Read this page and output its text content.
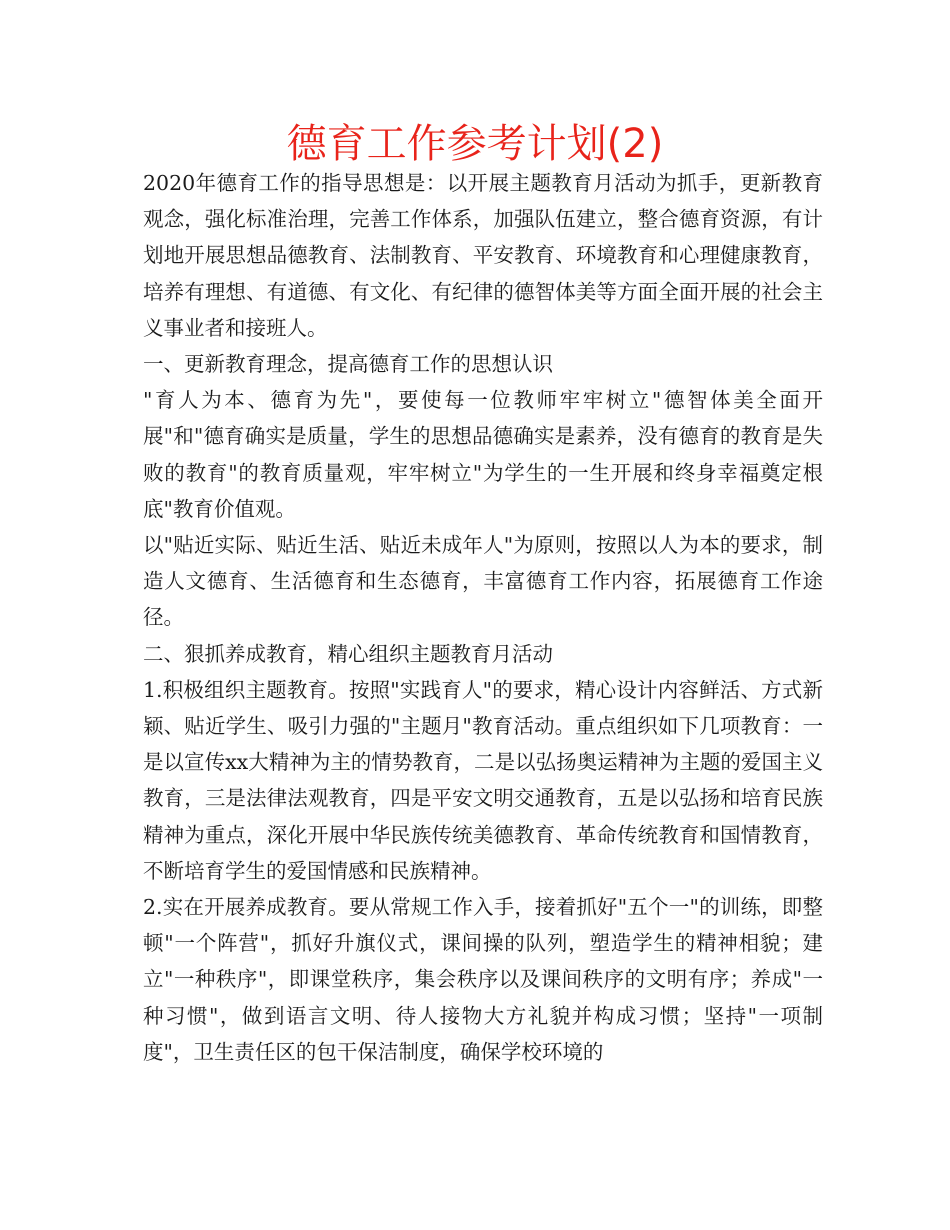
德育工作参考计划(2)

2020年德育工作的指导思想是：以开展主题教育月活动为抓手，更新教育观念，强化标准治理，完善工作体系，加强队伍建立，整合德育资源，有计划地开展思想品德教育、法制教育、平安教育、环境教育和心理健康教育，培养有理想、有道德、有文化、有纪律的德智体美等方面全面开展的社会主义事业者和接班人。

一、更新教育理念，提高德育工作的思想认识

"育人为本、德育为先"，要使每一位教师牢牢树立"德智体美全面开展"和"德育确实是质量，学生的思想品德确实是素养，没有德育的教育是失败的教育"的教育质量观，牢牢树立"为学生的一生开展和终身幸福奠定根底"教育价值观。

以"贴近实际、贴近生活、贴近未成年人"为原则，按照以人为本的要求，制造人文德育、生活德育和生态德育，丰富德育工作内容，拓展德育工作途径。

二、狠抓养成教育，精心组织主题教育月活动

1.积极组织主题教育。按照"实践育人"的要求，精心设计内容鲜活、方式新颖、贴近学生、吸引力强的"主题月"教育活动。重点组织如下几项教育：一是以宣传xx大精神为主的情势教育，二是以弘扬奥运精神为主题的爱国主义教育，三是法律法观教育，四是平安文明交通教育，五是以弘扬和培育民族精神为重点，深化开展中华民族传统美德教育、革命传统教育和国情教育，不断培育学生的爱国情感和民族精神。

2.实在开展养成教育。要从常规工作入手，接着抓好"五个一"的训练，即整顿"一个阵营"，抓好升旗仪式，课间操的队列，塑造学生的精神相貌；建立"一种秩序"，即课堂秩序，集会秩序以及课间秩序的文明有序；养成"一种习惯"，做到语言文明、待人接物大方礼貌并构成习惯；坚持"一项制度"，卫生责任区的包干保洁制度，确保学校环境的
